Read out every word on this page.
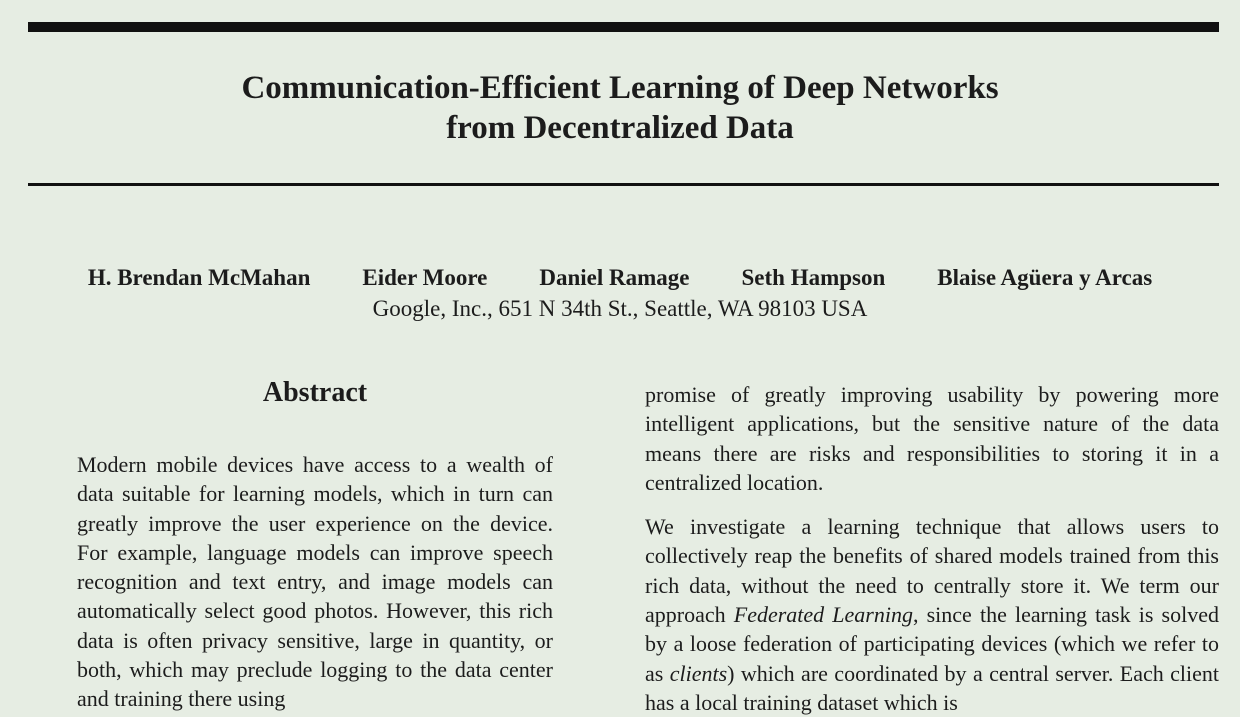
Communication-Efficient Learning of Deep Networks
from Decentralized Data
H. Brendan McMahan Eider Moore Daniel Ramage Seth Hampson Blaise Agüera y Arcas
Google, Inc., 651 N 34th St., Seattle, WA 98103 USA
Abstract
Modern mobile devices have access to a wealth of data suitable for learning models, which in turn can greatly improve the user experience on the device. For example, language models can improve speech recognition and text entry, and image models can automatically select good photos. However, this rich data is often privacy sensitive, large in quantity, or both, which may preclude logging to the data center and training there using

promise of greatly improving usability by powering more intelligent applications, but the sensitive nature of the data means there are risks and responsibilities to storing it in a centralized location.

We investigate a learning technique that allows users to collectively reap the benefits of shared models trained from this rich data, without the need to centrally store it. We term our approach Federated Learning, since the learning task is solved by a loose federation of participating devices (which we refer to as clients) which are coordinated by a central server. Each client has a local training dataset which is
